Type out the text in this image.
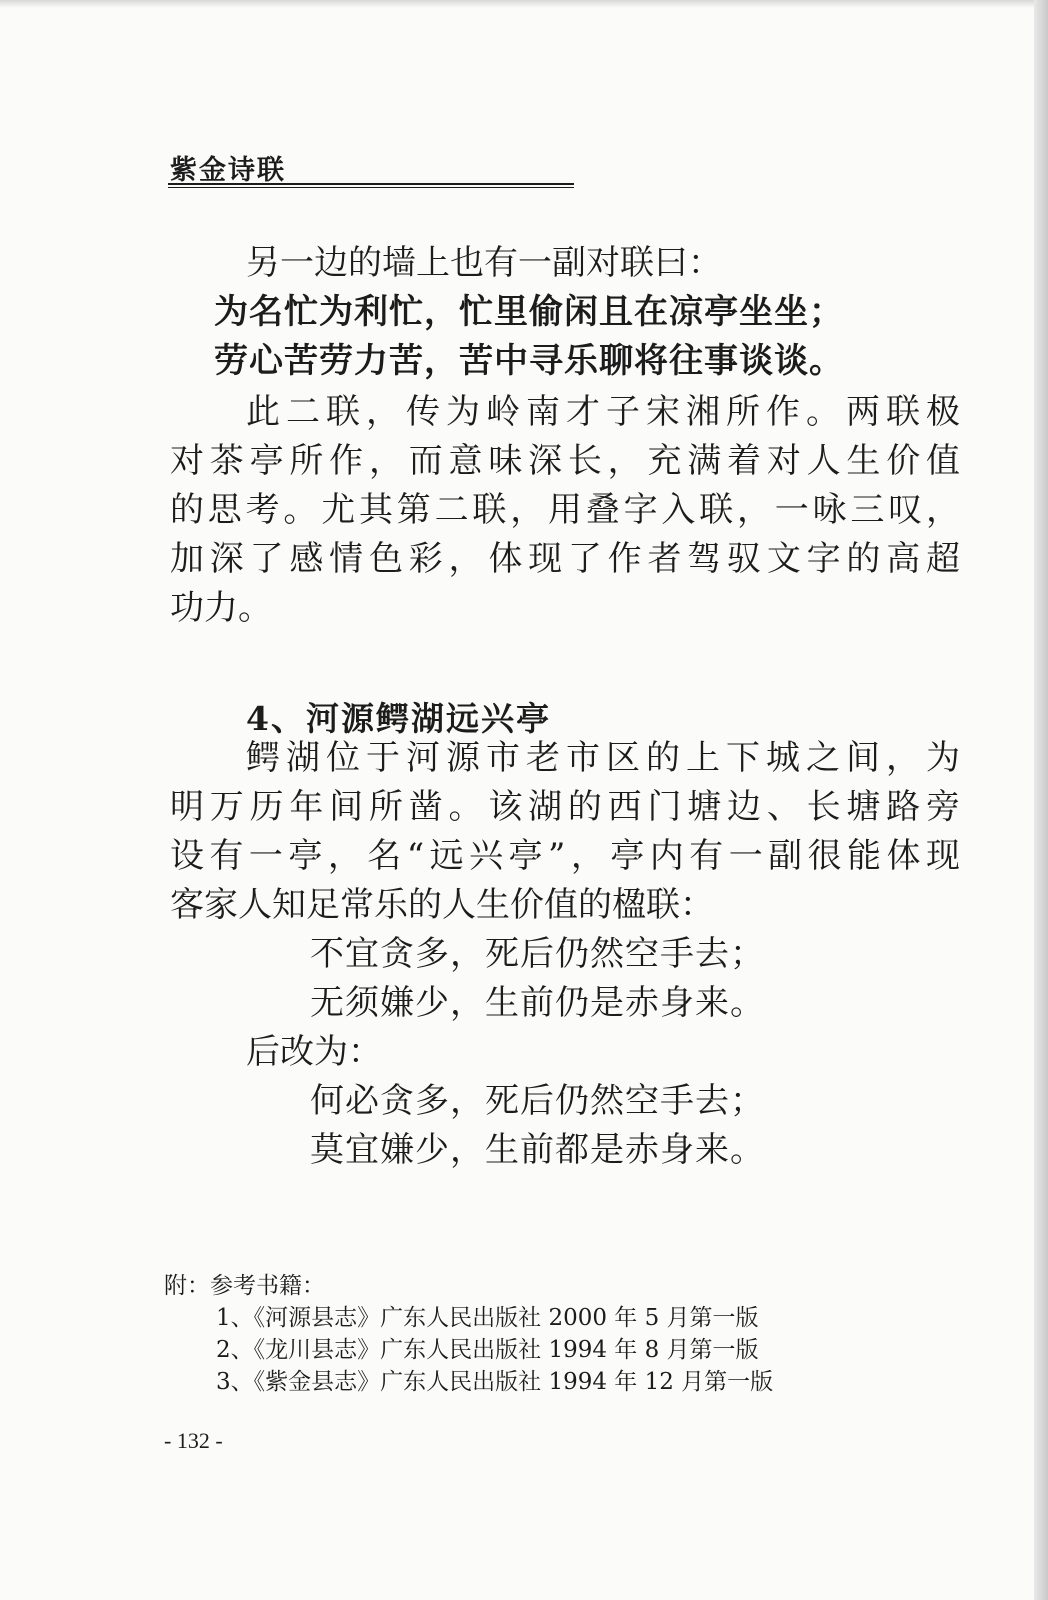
紫金诗联

另一边的墙上也有一副对联曰：

为名忙为利忙，忙里偷闲且在凉亭坐坐；

劳心苦劳力苦，苦中寻乐聊将往事谈谈。

此二联，传为岭南才子宋湘所作。两联极

对茶亭所作，而意味深长，充满着对人生价值

的思考。尤其第二联，用叠字入联，一咏三叹，

加深了感情色彩，体现了作者驾驭文字的高超

功力。

4、河源鳄湖远兴亭

鳄湖位于河源市老市区的上下城之间，为

明万历年间所凿。该湖的西门塘边、长塘路旁

设有一亭，名“远兴亭”，亭内有一副很能体现

客家人知足常乐的人生价值的楹联：

不宜贪多，死后仍然空手去；

无须嫌少，生前仍是赤身来。

后改为：

何必贪多，死后仍然空手去；

莫宜嫌少，生前都是赤身来。

附：参考书籍：

1、《河源县志》广东人民出版社 2000 年 5 月第一版

2、《龙川县志》广东人民出版社 1994 年 8 月第一版

3、《紫金县志》广东人民出版社 1994 年 12 月第一版

- 132 -
